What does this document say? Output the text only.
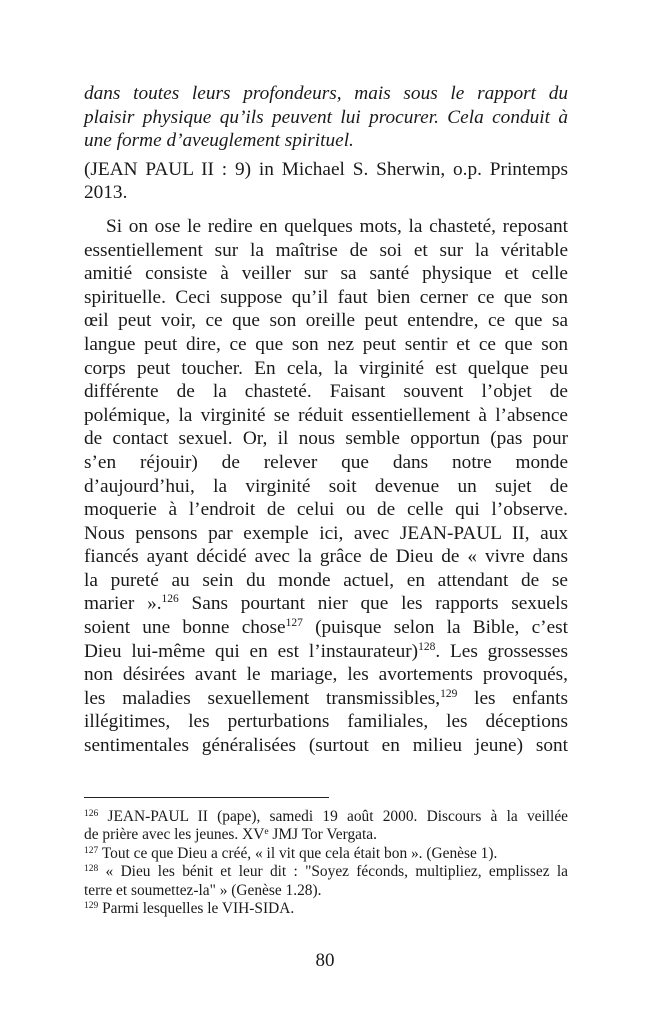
dans toutes leurs profondeurs, mais sous le rapport du
plaisir physique qu’ils peuvent lui procurer. Cela conduit à
une forme d’aveuglement spirituel.

(JEAN PAUL II : 9) in Michael S. Sherwin, o.p. Printemps
2013.

Si on ose le redire en quelques mots, la chasteté, reposant
essentiellement sur la maîtrise de soi et sur la véritable
amitié consiste à veiller sur sa santé physique et celle
spirituelle. Ceci suppose qu’il faut bien cerner ce que son
œil peut voir, ce que son oreille peut entendre, ce que sa
langue peut dire, ce que son nez peut sentir et ce que son
corps peut toucher. En cela, la virginité est quelque peu
différente de la chasteté. Faisant souvent l’objet de
polémique, la virginité se réduit essentiellement à l’absence
de contact sexuel. Or, il nous semble opportun (pas pour
s’en réjouir) de relever que dans notre monde
d’aujourd’hui, la virginité soit devenue un sujet de
moquerie à l’endroit de celui ou de celle qui l’observe.
Nous pensons par exemple ici, avec JEAN-PAUL II, aux
fiancés ayant décidé avec la grâce de Dieu de « vivre dans
la pureté au sein du monde actuel, en attendant de se
marier ».$^{126}$ Sans pourtant nier que les rapports sexuels
soient une bonne chose$^{127}$ (puisque selon la Bible, c’est
Dieu lui-même qui en est l’instaurateur)$^{128}$. Les grossesses
non désirées avant le mariage, les avortements provoqués,
les maladies sexuellement transmissibles,$^{129}$ les enfants
illégitimes, les perturbations familiales, les déceptions
sentimentales généralisées (surtout en milieu jeune) sont

$^{126}$ JEAN-PAUL II (pape), samedi 19 août 2000. Discours à la veillée
de prière avec les jeunes. XVe JMJ Tor Vergata.

$^{127}$ Tout ce que Dieu a créé, « il vit que cela était bon ». (Genèse 1).

$^{128}$ « Dieu les bénit et leur dit : "Soyez féconds, multipliez, emplissez la
terre et soumettez-la" » (Genèse 1.28).

$^{129}$ Parmi lesquelles le VIH-SIDA.

80
